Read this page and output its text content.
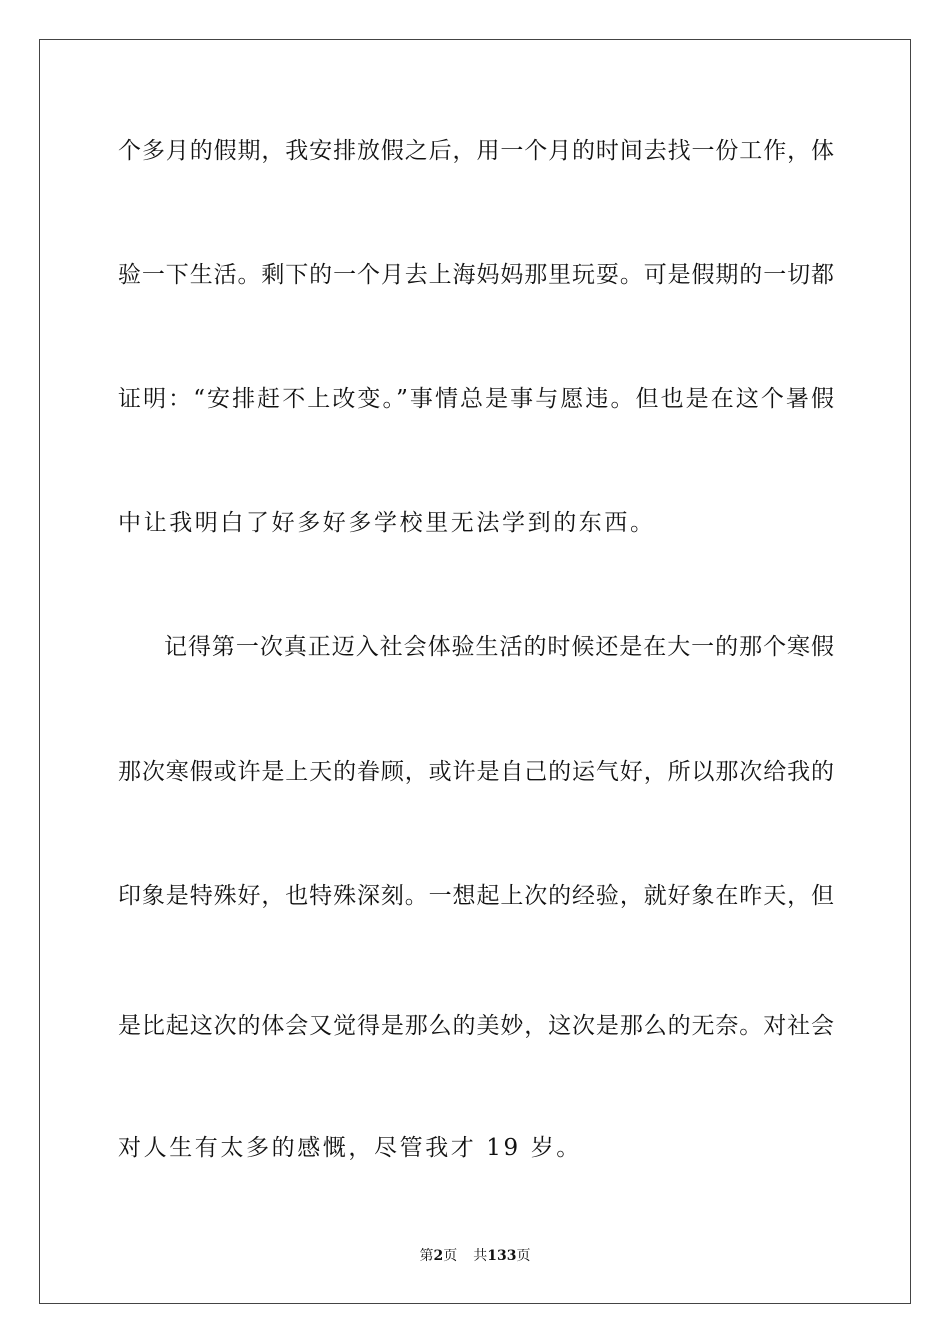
个多月的假期，我安排放假之后，用一个月的时间去找一份工作，体
验一下生活。剩下的一个月去上海妈妈那里玩耍。可是假期的一切都
证明：“安排赶不上改变。”事情总是事与愿违。但也是在这个暑假
中让我明白了好多好多学校里无法学到的东西。
记得第一次真正迈入社会体验生活的时候还是在大一的那个寒假
那次寒假或许是上天的眷顾，或许是自己的运气好，所以那次给我的
印象是特殊好，也特殊深刻。一想起上次的经验，就好象在昨天，但
是比起这次的体会又觉得是那么的美妙，这次是那么的无奈。对社会
对人生有太多的感慨，尽管我才 19 岁。
第2页 共133页
